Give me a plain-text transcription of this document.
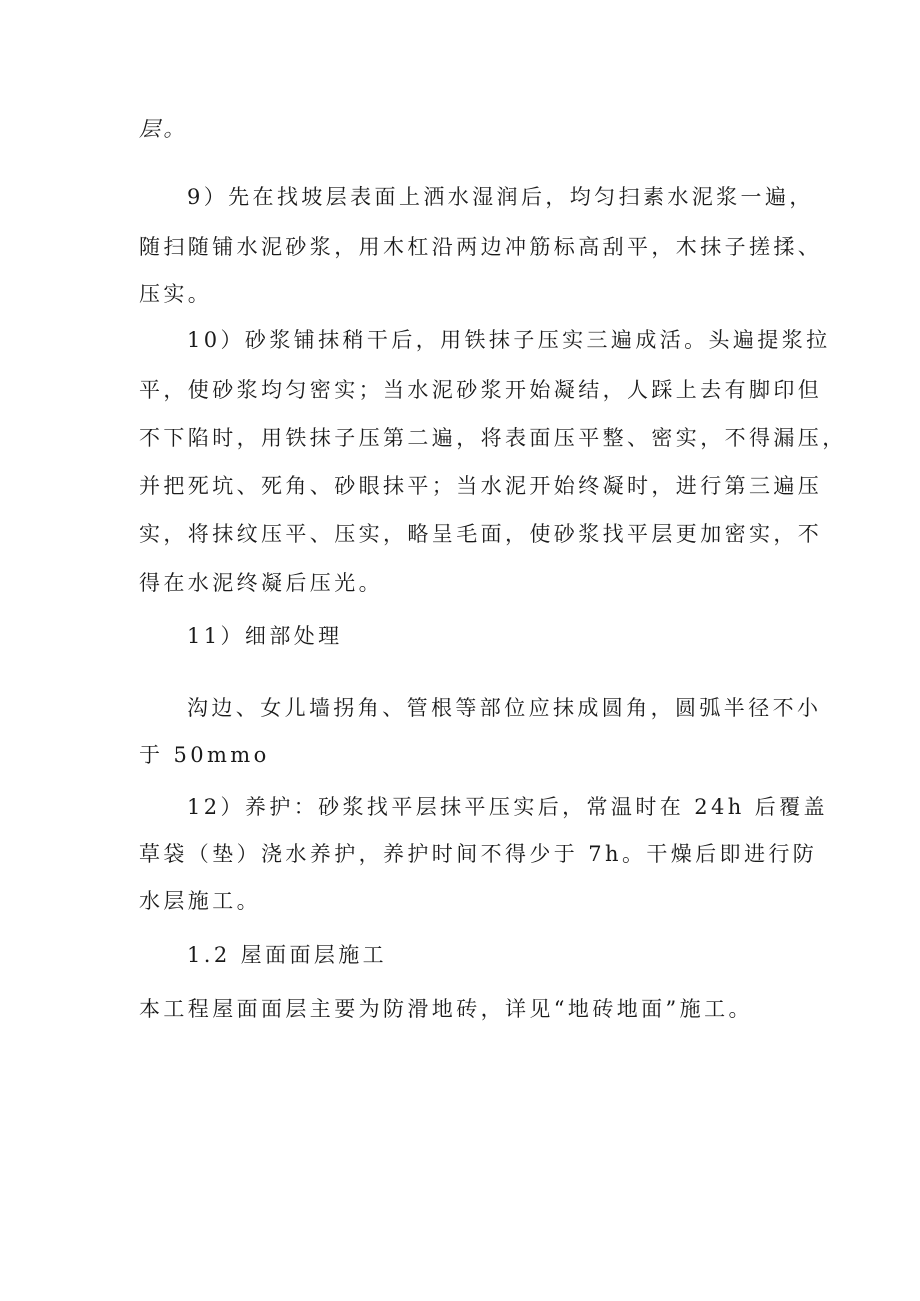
层。
9）先在找坡层表面上洒水湿润后，均匀扫素水泥浆一遍，
随扫随铺水泥砂浆，用木杠沿两边冲筋标高刮平，木抹子搓揉、
压实。
10）砂浆铺抹稍干后，用铁抹子压实三遍成活。头遍提浆拉
平，使砂浆均匀密实；当水泥砂浆开始凝结，人踩上去有脚印但
不下陷时，用铁抹子压第二遍，将表面压平整、密实，不得漏压，
并把死坑、死角、砂眼抹平；当水泥开始终凝时，进行第三遍压
实，将抹纹压平、压实，略呈毛面，使砂浆找平层更加密实，不
得在水泥终凝后压光。
11）细部处理
沟边、女儿墙拐角、管根等部位应抹成圆角，圆弧半径不小
于 50mmo
12）养护：砂浆找平层抹平压实后，常温时在 24h 后覆盖
草袋（垫）浇水养护，养护时间不得少于 7h。干燥后即进行防
水层施工。
1.2 屋面面层施工
本工程屋面面层主要为防滑地砖，详见“地砖地面”施工。
